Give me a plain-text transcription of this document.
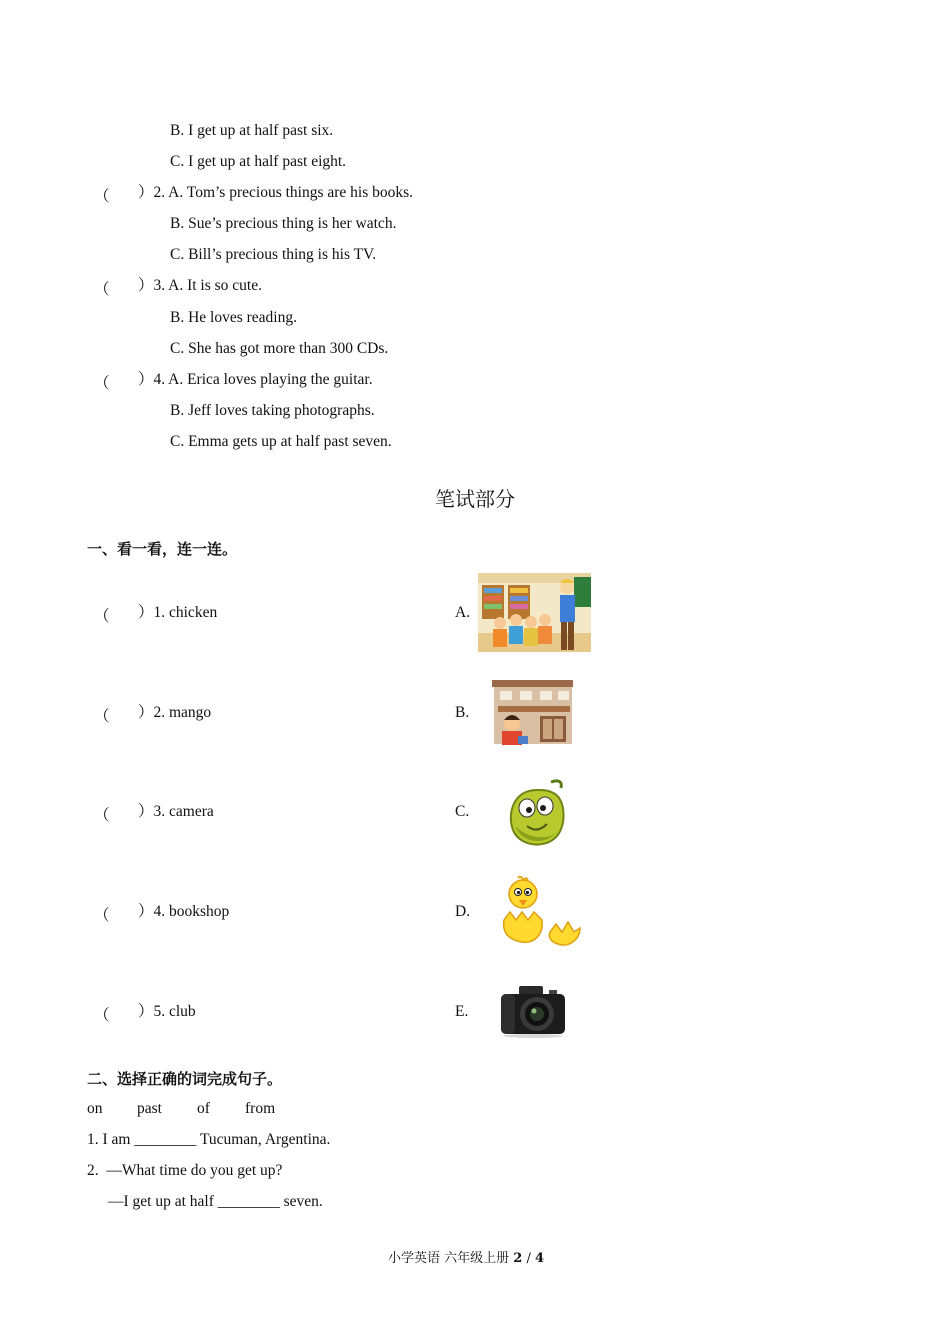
B. I get up at half past six.
C. I get up at half past eight.
（ ）2. A. Tom’s precious things are his books.
B. Sue’s precious thing is her watch.
C. Bill’s precious thing is his TV.
（ ）3. A. It is so cute.
B. He loves reading.
C. She has got more than 300 CDs.
（ ）4. A. Erica loves playing the guitar.
B. Jeff loves taking photographs.
C. Emma gets up at half past seven.
笔试部分
一、看一看，连一连。
（ ）1. chicken	A.
（ ）2. mango	B.
（ ）3. camera	C.
（ ）4. bookshop	D.
（ ）5. club	E.
二、选择正确的词完成句子。
on past of from
1. I am ________ Tucuman, Argentina.
2.  —What time do you get up?
—I get up at half ________ seven.
小学英语 六年级上册 2 / 4
